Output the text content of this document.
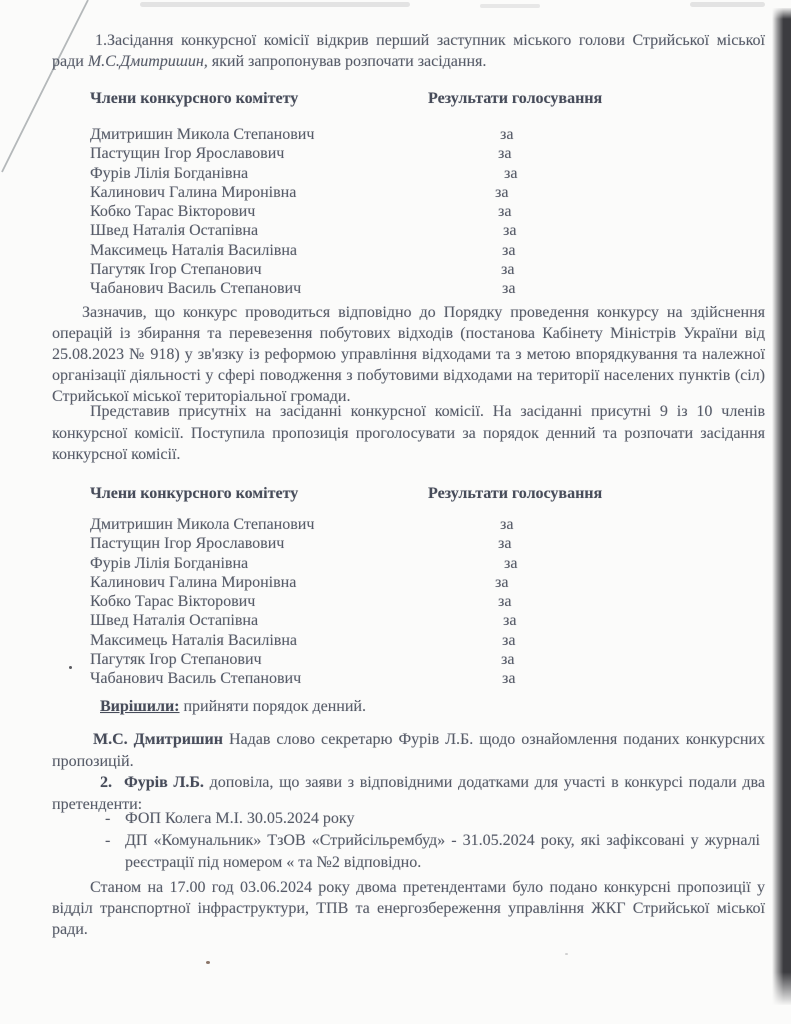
1.Засідання конкурсної комісії відкрив перший заступник міського голови Стрийської міської ради М.С.Дмитришин, який запропонував розпочати засідання.

Члени конкурсного комітету	Результати голосування
Дмитришин Микола Степанович	за
Пастущин Ігор Ярославович	за
Фурів Лілія Богданівна	за
Калинович Галина Миронівна	за
Кобко Тарас Вікторович	за
Швед Наталія Остапівна	за
Максимець Наталія Василівна	за
Пагутяк Ігор Степанович	за
Чабанович Василь Степанович	за

Зазначив, що конкурс проводиться відповідно до Порядку проведення конкурсу на здійснення операцій із збирання та перевезення побутових відходів (постанова Кабінету Міністрів України від 25.08.2023 № 918) у зв'язку із реформою управління відходами та з метою впорядкування та належної організації діяльності у сфері поводження з побутовими відходами на території населених пунктів (сіл) Стрийської міської територіальної громади.

Представив присутніх на засіданні конкурсної комісії. На засіданні присутні 9 із 10 членів конкурсної комісії. Поступила пропозиція проголосувати за порядок денний та розпочати засідання конкурсної комісії.

Члени конкурсного комітету	Результати голосування
Дмитришин Микола Степанович	за
Пастущин Ігор Ярославович	за
Фурів Лілія Богданівна	за
Калинович Галина Миронівна	за
Кобко Тарас Вікторович	за
Швед Наталія Остапівна	за
Максимець Наталія Василівна	за
Пагутяк Ігор Степанович	за
Чабанович Василь Степанович	за

Вирішили: прийняти порядок денний.

М.С. Дмитришин Надав слово секретарю Фурів Л.Б. щодо ознайомлення поданих конкурсних пропозицій.

2. Фурів Л.Б. доповіла, що заяви з відповідними додатками для участі в конкурсі подали два претенденти:

- ФОП Колега М.І. 30.05.2024 року
- ДП «Комунальник» ТзОВ «Стрийсільрембуд» - 31.05.2024 року, які зафіксовані у журналі реєстрації під номером « та №2 відповідно.

Станом на 17.00 год 03.06.2024 року двома претендентами було подано конкурсні пропозиції у відділ транспортної інфраструктури, ТПВ та енергозбереження управління ЖКГ Стрийської міської ради.
